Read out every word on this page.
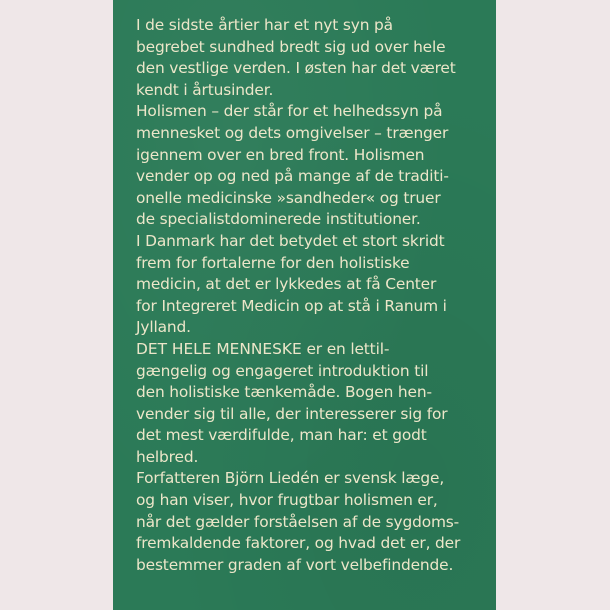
I de sidste årtier har et nyt syn på
begrebet sundhed bredt sig ud over hele
den vestlige verden. I østen har det været
kendt i årtusinder.
Holismen – der står for et helhedssyn på
mennesket og dets omgivelser – trænger
igennem over en bred front. Holismen
vender op og ned på mange af de traditi-
onelle medicinske »sandheder« og truer
de specialistdominerede institutioner.
I Danmark har det betydet et stort skridt
frem for fortalerne for den holistiske
medicin, at det er lykkedes at få Center
for Integreret Medicin op at stå i Ranum i
Jylland.
DET HELE MENNESKE er en lettil-
gængelig og engageret introduktion til
den holistiske tænkemåde. Bogen hen-
vender sig til alle, der interesserer sig for
det mest værdifulde, man har: et godt
helbred.
Forfatteren Björn Liedén er svensk læge,
og han viser, hvor frugtbar holismen er,
når det gælder forståelsen af de sygdoms-
fremkaldende faktorer, og hvad det er, der
bestemmer graden af vort velbefindende.
